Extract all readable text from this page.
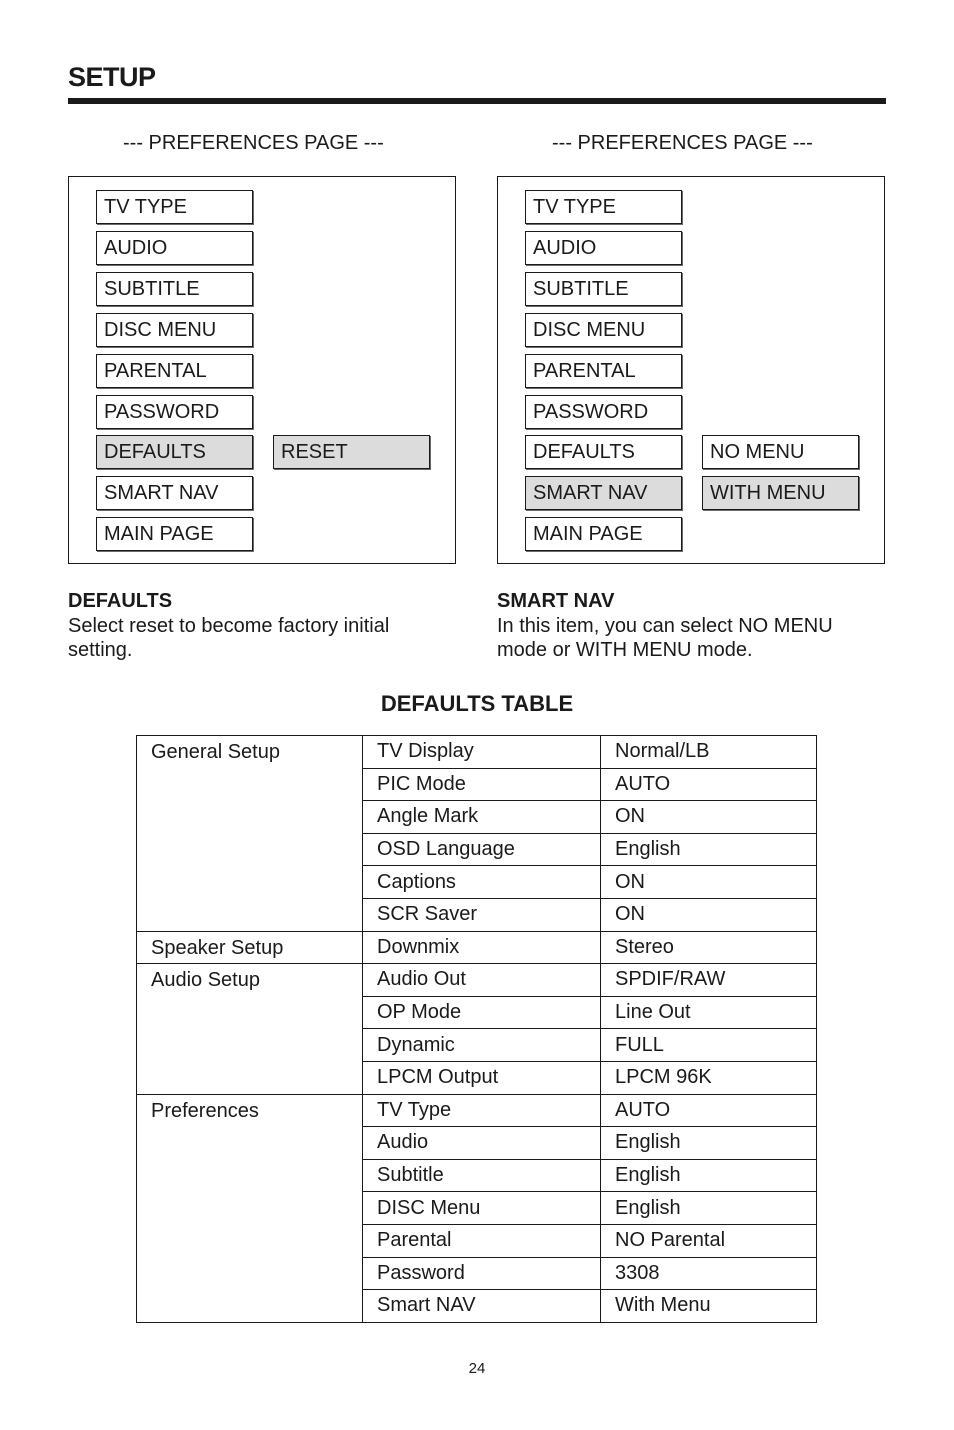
SETUP
--- PREFERENCES PAGE ---
TV TYPE
AUDIO
SUBTITLE
DISC MENU
PARENTAL
PASSWORD
DEFAULTS
SMART NAV
MAIN PAGE
RESET
--- PREFERENCES PAGE ---
TV TYPE
AUDIO
SUBTITLE
DISC MENU
PARENTAL
PASSWORD
DEFAULTS
SMART NAV
MAIN PAGE
NO MENU
WITH MENU
DEFAULTS
Select reset to become factory initial setting.
SMART NAV
In this item, you can select NO MENU mode or WITH MENU mode.
DEFAULTS TABLE
General Setup	TV Display	Normal/LB
	PIC Mode	AUTO
	Angle Mark	ON
	OSD Language	English
	Captions	ON
	SCR Saver	ON
Speaker Setup	Downmix	Stereo
Audio Setup	Audio Out	SPDIF/RAW
	OP Mode	Line Out
	Dynamic	FULL
	LPCM Output	LPCM 96K
Preferences	TV Type	AUTO
	Audio	English
	Subtitle	English
	DISC Menu	English
	Parental	NO Parental
	Password	3308
	Smart NAV	With Menu
24
